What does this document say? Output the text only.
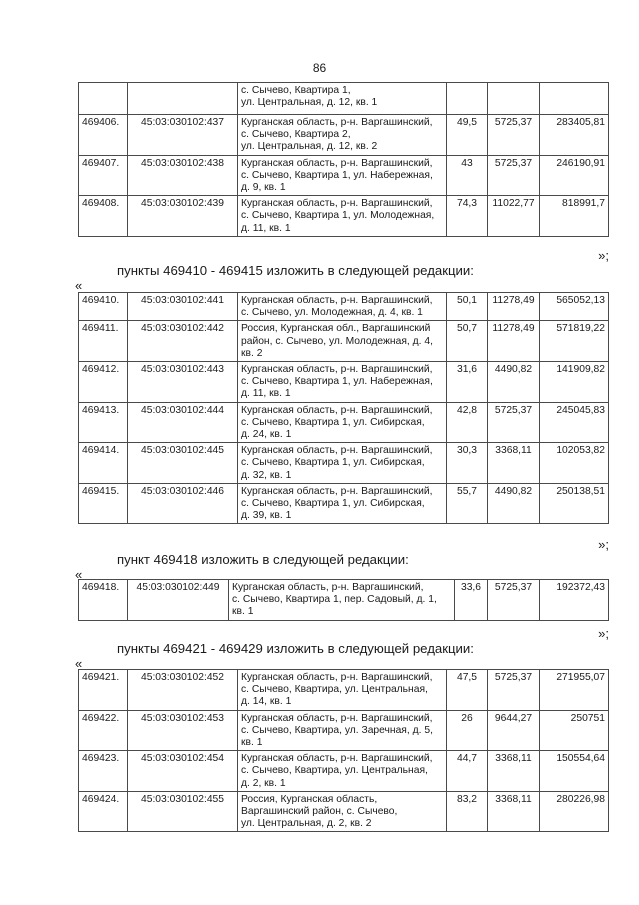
86

		с. Сычево, Квартира 1,
ул. Центральная, д. 12, кв. 1			

469406.	45:03:030102:437	Курганская область, р-н. Варгашинский,
с. Сычево, Квартира 2,
ул. Центральная, д. 12, кв. 2	49,5	5725,37	283405,81
469407.	45:03:030102:438	Курганская область, р-н. Варгашинский,
с. Сычево, Квартира 1, ул. Набережная,
д. 9, кв. 1	43	5725,37	246190,91
469408.	45:03:030102:439	Курганская область, р-н. Варгашинский,
с. Сычево, Квартира 1, ул. Молодежная,
д. 11, кв. 1	74,3	11022,77	818991,7
»;
пункты 469410 - 469415 изложить в следующей редакции:
«
469410.	45:03:030102:441	Курганская область, р-н. Варгашинский,
с. Сычево, ул. Молодежная, д. 4, кв. 1	50,1	11278,49	565052,13
469411.	45:03:030102:442	Россия, Курганская обл., Варгашинский
район, с. Сычево, ул. Молодежная, д. 4,
кв. 2	50,7	11278,49	571819,22
469412.	45:03:030102:443	Курганская область, р-н. Варгашинский,
с. Сычево, Квартира 1, ул. Набережная,
д. 11, кв. 1	31,6	4490,82	141909,82
469413.	45:03:030102:444	Курганская область, р-н. Варгашинский,
с. Сычево, Квартира 1, ул. Сибирская,
д. 24, кв. 1	42,8	5725,37	245045,83
469414.	45:03:030102:445	Курганская область, р-н. Варгашинский,
с. Сычево, Квартира 1, ул. Сибирская,
д. 32, кв. 1	30,3	3368,11	102053,82
469415.	45:03:030102:446	Курганская область, р-н. Варгашинский,
с. Сычево, Квартира 1, ул. Сибирская,
д. 39, кв. 1	55,7	4490,82	250138,51
»;
пункт 469418 изложить в следующей редакции:
«
469418.	45:03:030102:449	Курганская область, р-н. Варгашинский,
с. Сычево, Квартира 1, пер. Садовый, д. 1,
кв. 1
	33,6	5725,37	192372,43
»;
пункты 469421 - 469429 изложить в следующей редакции:
«
469421.	45:03:030102:452	Курганская область, р-н. Варгашинский,
с. Сычево, Квартира, ул. Центральная,
д. 14, кв. 1	47,5	5725,37	271955,07
469422.	45:03:030102:453	Курганская область, р-н. Варгашинский,
с. Сычево, Квартира, ул. Заречная, д. 5,
кв. 1	26	9644,27	250751
469423.	45:03:030102:454	Курганская область, р-н. Варгашинский,
с. Сычево, Квартира, ул. Центральная,
д. 2, кв. 1	44,7	3368,11	150554,64
469424.	45:03:030102:455	Россия, Курганская область,
Варгашинский район, с. Сычево,
ул. Центральная, д. 2, кв. 2	83,2	3368,11	280226,98
